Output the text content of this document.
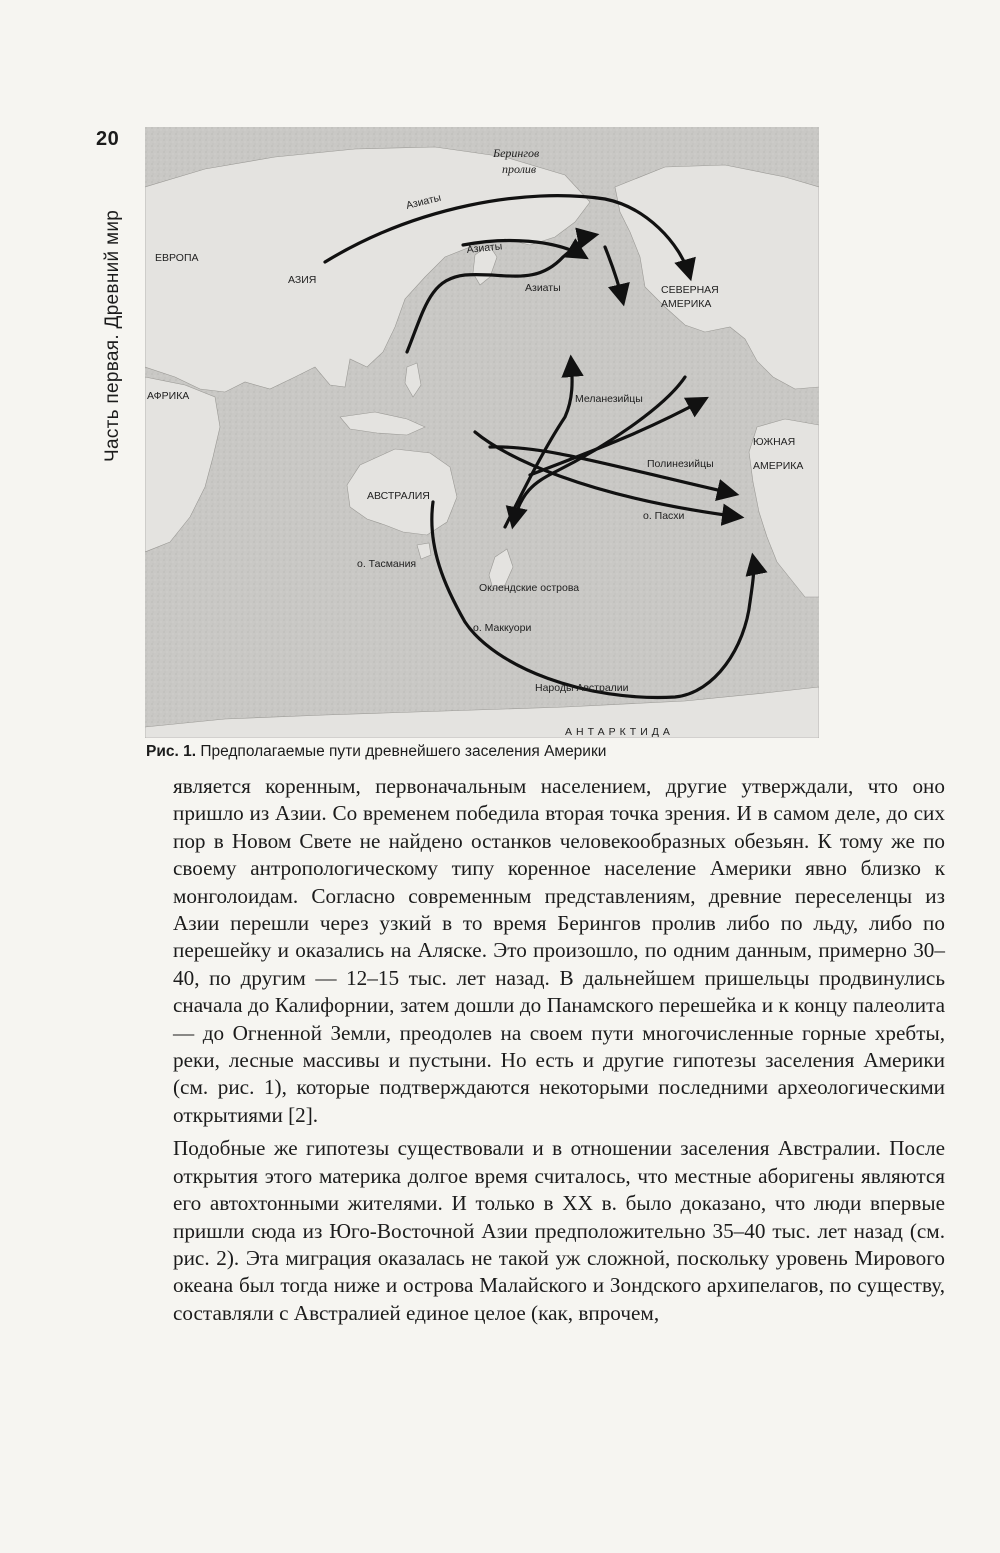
20
Часть первая. Древний мир
Берингов
пролив
ЕВРОПА
АЗИЯ
АФРИКА
АВСТРАЛИЯ
СЕВЕРНАЯ
АМЕРИКА
ЮЖНАЯ
АМЕРИКА
АНТАРКТИДА
Азиаты
Азиаты
Азиаты
Меланезийцы
Полинезийцы
о. Пасхи
о. Тасмания
Оклендские острова
о. Маккуори
Народы Австралии
Рис. 1. Предполагаемые пути древнейшего заселения Америки

является коренным, первоначальным населением, другие утверждали, что оно пришло из Азии. Со временем победила вторая точка зрения. И в самом деле, до сих пор в Новом Свете не найдено останков человекообразных обезьян. К тому же по своему антропологическому типу коренное население Америки явно близко к монголоидам. Согласно современным представлениям, древние переселенцы из Азии перешли через узкий в то время Берингов пролив либо по льду, либо по перешейку и оказались на Аляске. Это произошло, по одним данным, примерно 30–40, по другим — 12–15 тыс. лет назад. В дальнейшем пришельцы продвинулись сначала до Калифорнии, затем дошли до Панамского перешейка и к концу палеолита — до Огненной Земли, преодолев на своем пути многочисленные горные хребты, реки, лесные массивы и пустыни. Но есть и другие гипотезы заселения Америки (см. рис. 1), которые подтверждаются некоторыми последними археологическими открытиями [2].

Подобные же гипотезы существовали и в отношении заселения Австралии. После открытия этого материка долгое время считалось, что местные аборигены являются его автохтонными жителями. И только в XX в. было доказано, что люди впервые пришли сюда из Юго-Восточной Азии предположительно 35–40 тыс. лет назад (см. рис. 2). Эта миграция оказалась не такой уж сложной, поскольку уровень Мирового океана был тогда ниже и острова Малайского и Зондского архипелагов, по существу, составляли с Австралией единое целое (как, впрочем,
